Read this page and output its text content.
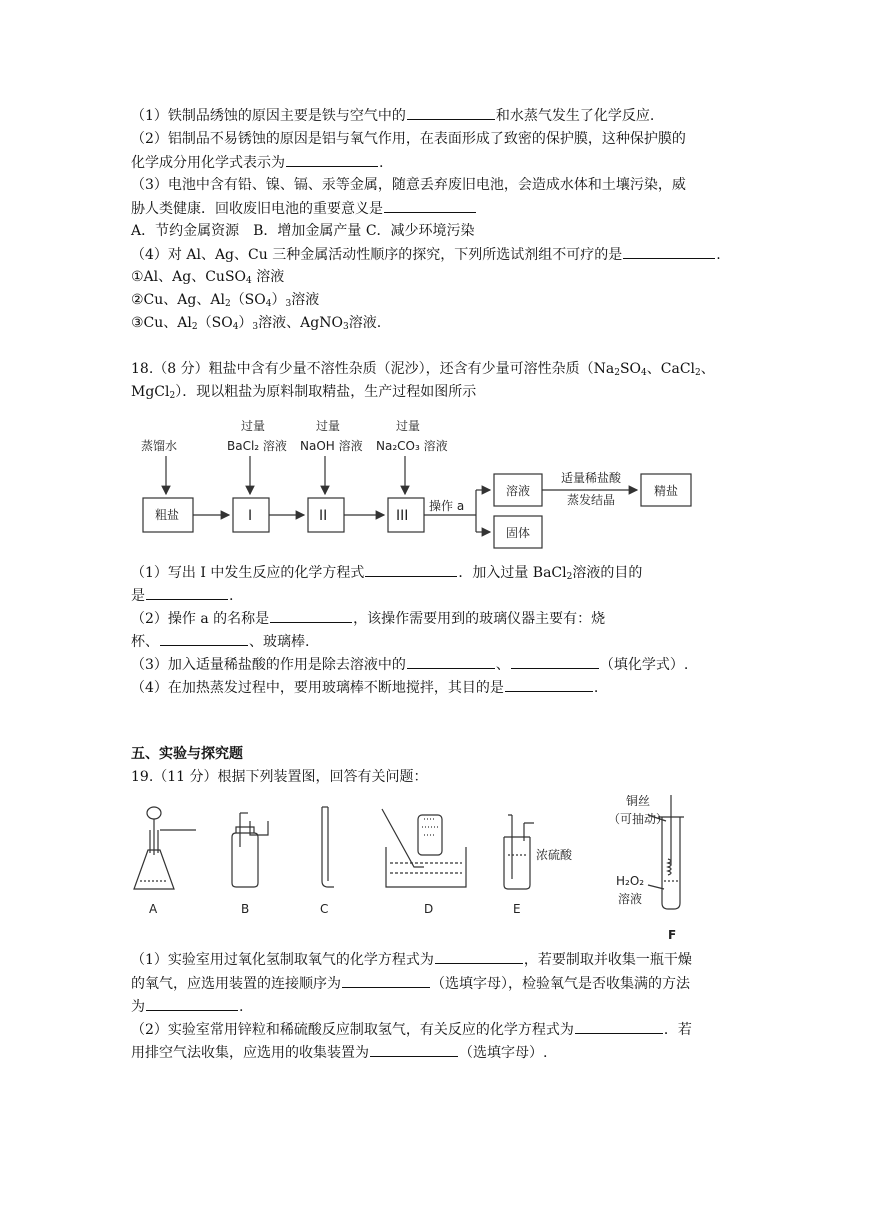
（1）铁制品绣蚀的原因主要是铁与空气中的	和水蒸气发生了化学反应.
（2）铝制品不易锈蚀的原因是铝与氧气作用，在表面形成了致密的保护膜，这种保护膜的
化学成分用化学式表示为	.
（3）电池中含有铅、镍、镉、汞等金属，随意丢弃废旧电池，会造成水体和土壤污染，威
胁人类健康．回收废旧电池的重要意义是
A．节约金属资源　B．增加金属产量 C．减少环境污染
（4）对 Al、Ag、Cu 三种金属活动性顺序的探究，下列所选试剂组不可疗的是	.
①Al、Ag、CuSO$_4$ 溶液
②Cu、Ag、$Al_2(SO_4)_3$溶液
③Cu、$Al_2(SO_4)_3$溶液、AgNO$_3$溶液.
18.（8 分）粗盐中含有少量不溶性杂质（泥沙），还含有少量可溶性杂质（$Na_2SO_4$、CaCl$_2$、
MgCl$_2$）．现以粗盐为原料制取精盐，生产过程如图所示
蒸馏水
过量
BaCl₂ 溶液
过量
NaOH 溶液
过量
Na₂CO₃ 溶液
粗盐	I	II	III
操作 a
溶液
固体
适量稀盐酸
蒸发结晶
精盐
（1）写出 I 中发生反应的化学方程式	．加入过量 BaCl$_2$溶液的目的
是	.
（2）操作 a 的名称是	，该操作需要用到的玻璃仪器主要有：烧
杯、	、玻璃棒.
（3）加入适量稀盐酸的作用是除去溶液中的	、	（填化学式）.
（4）在加热蒸发过程中，要用玻璃棒不断地搅拌，其目的是	.
五、实验与探究题
19.（11 分）根据下列装置图，回答有关问题：
A	B	C	D	E
F
浓硫酸
铜丝
（可抽动）
H₂O₂
溶液
（1）实验室用过氧化氢制取氧气的化学方程式为	，若要制取并收集一瓶干燥
的氧气，应选用装置的连接顺序为	（选填字母），检验氧气是否收集满的方法
为	.
（2）实验室常用锌粒和稀硫酸反应制取氢气，有关反应的化学方程式为	．若
用排空气法收集，应选用的收集装置为	（选填字母）.
